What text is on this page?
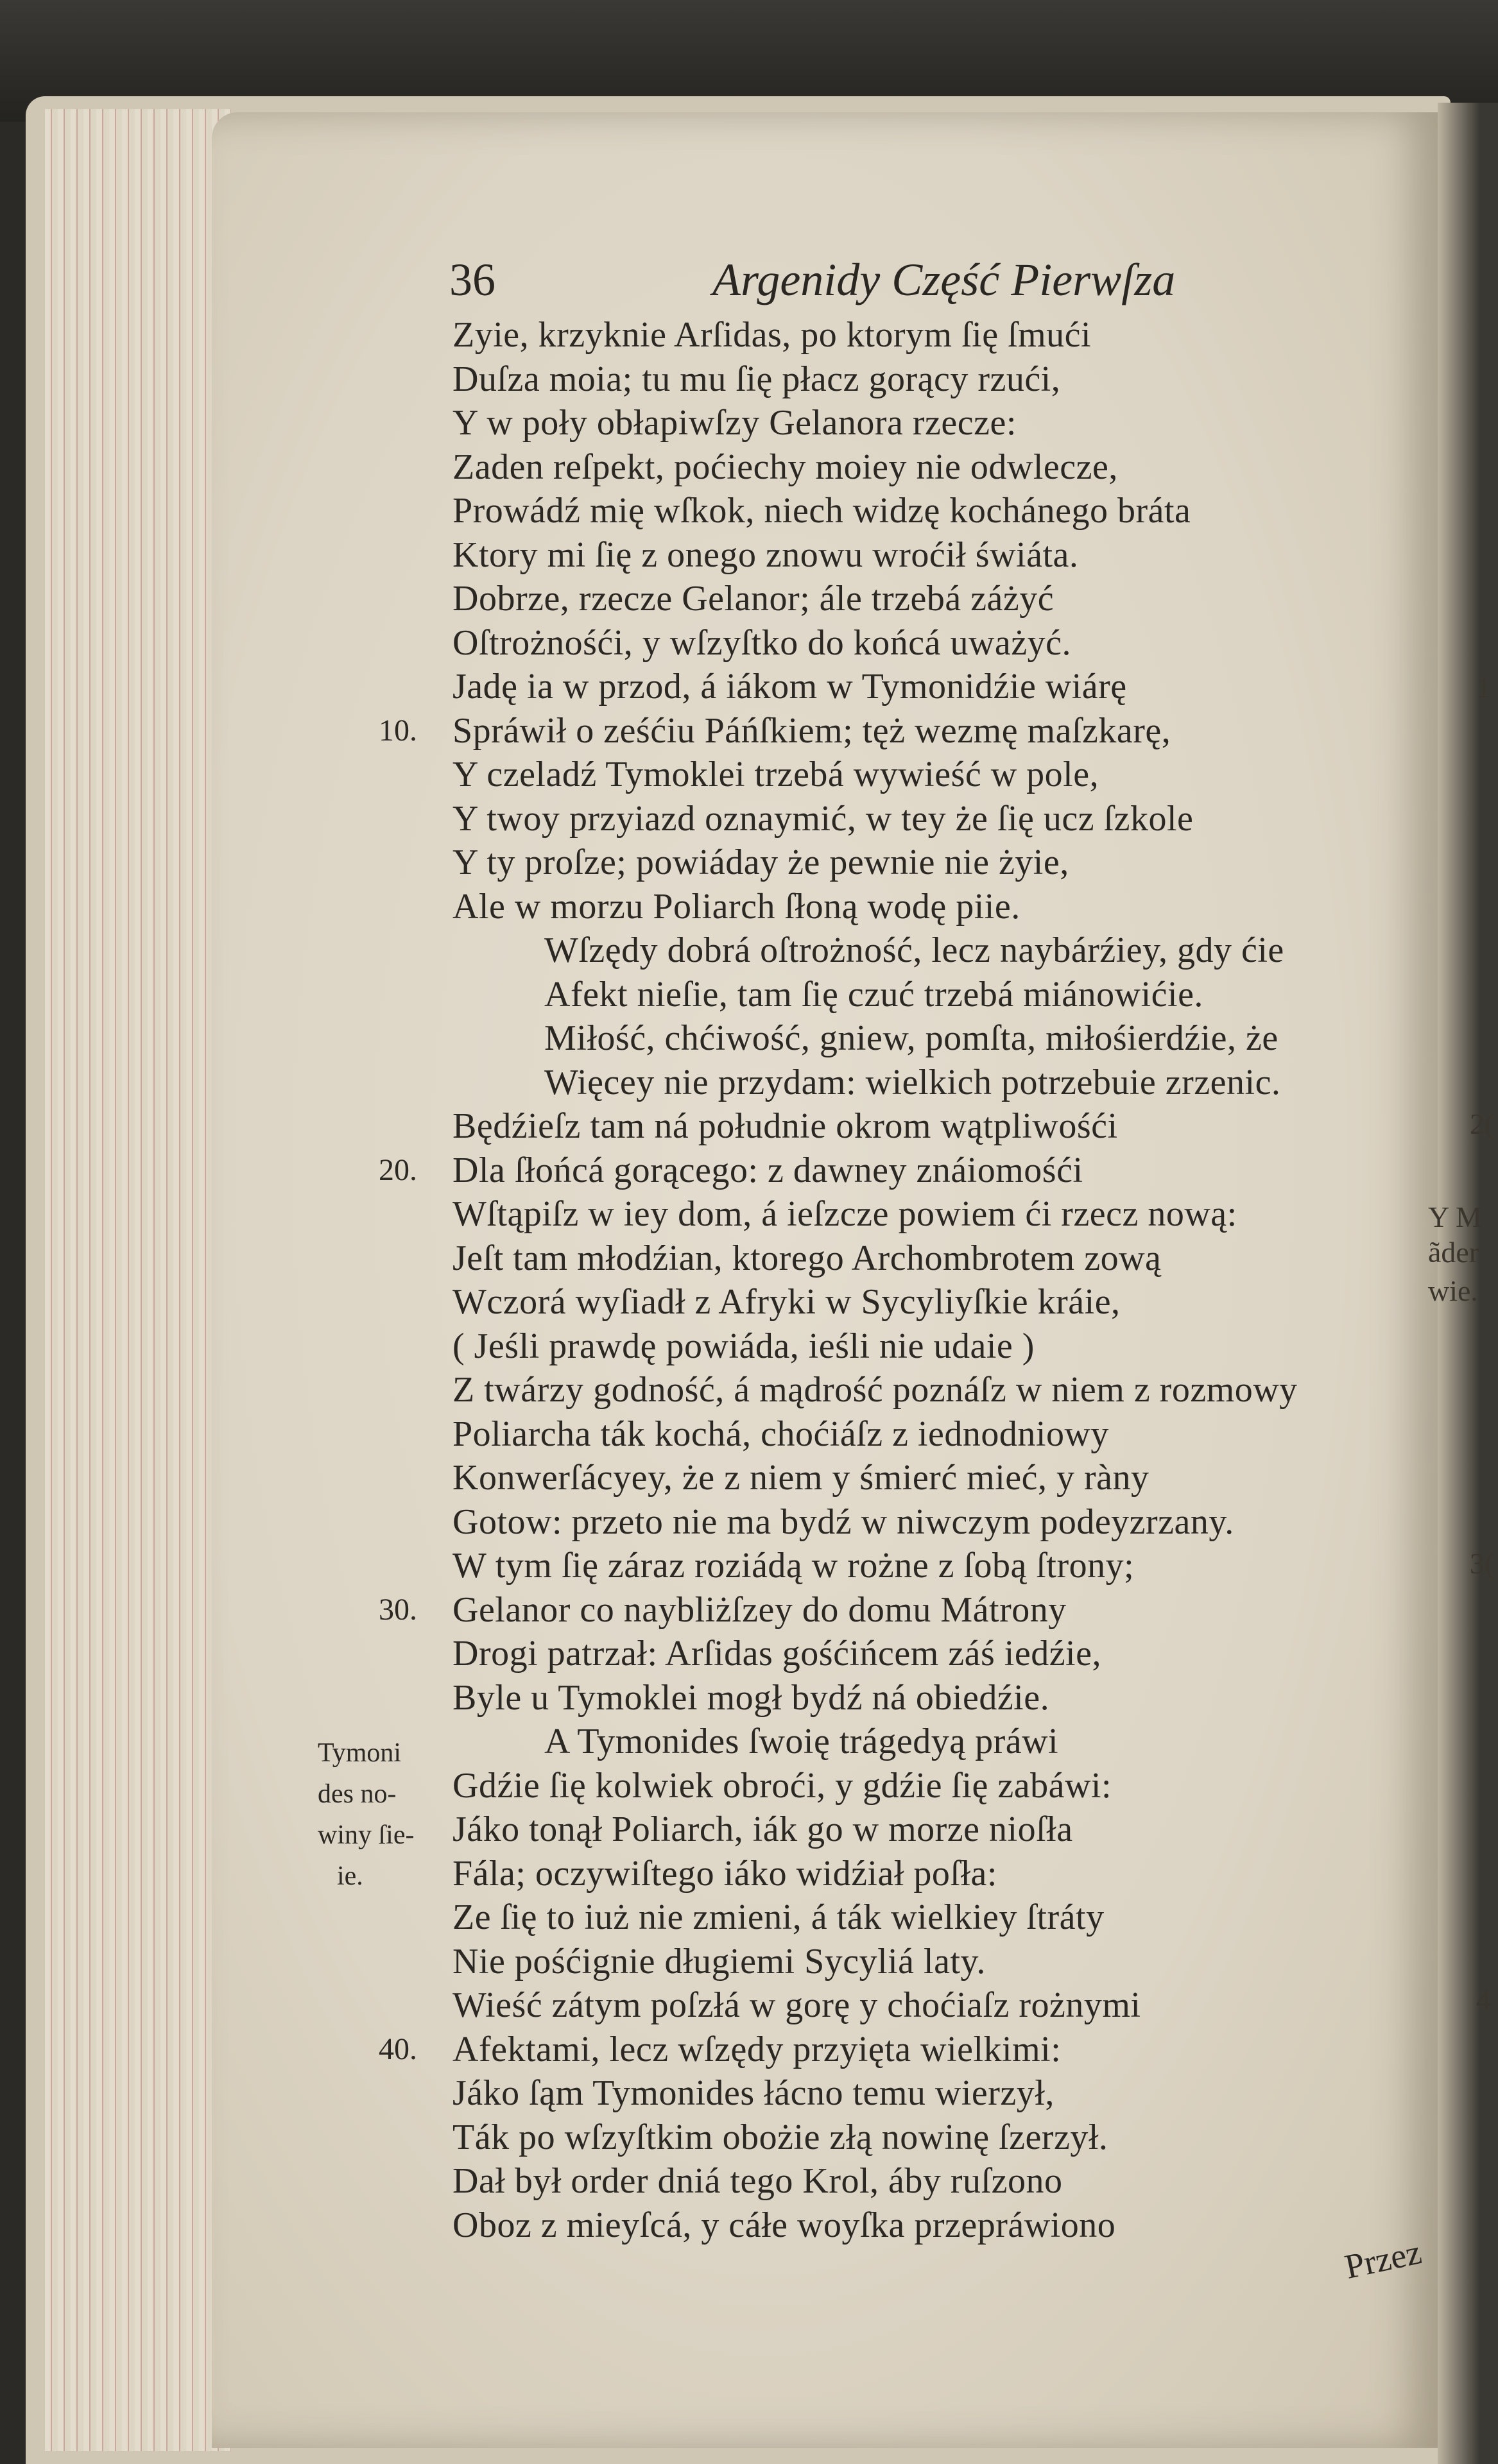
36	Argenidy Część Pierwſza
Zyie, krzyknie Arſidas, po ktorym ſię ſmući
Duſza moia; tu mu ſię płacz gorący rzući,
Y w poły obłapiwſzy Gelanora rzecze:
Zaden reſpekt, poćiechy moiey nie odwlecze,
Prowádź mię wſkok, niech widzę kochánego bráta
Ktory mi ſię z onego znowu wroćił świáta.
Dobrze, rzecze Gelanor; ále trzebá záżyć
Oſtrożnośći, y wſzyſtko do końcá uważyć.
Jadę ia w przod, á iákom w Tymonidźie wiárę
Spráwił o ześćiu Páńſkiem; tęż wezmę maſzkarę,
10.
Y czeladź Tymoklei trzebá wywieść w pole,
Y twoy przyiazd oznaymić, w tey że ſię ucz ſzkole
Y ty proſze; powiáday że pewnie nie żyie,
Ale w morzu Poliarch ſłoną wodę piie.
Wſzędy dobrá oſtrożność, lecz naybárźiey, gdy ćie
Afekt nieſie, tam ſię czuć trzebá miánowićie.
Miłość, chćiwość, gniew, pomſta, miłośierdźie, że
Więcey nie przydam: wielkich potrzebuie zrzenic.
Będźieſz tam ná południe okrom wątpliwośći
Dla ſłońcá gorącego: z dawney znáiomośći
20.
Wſtąpiſz w iey dom, á ieſzcze powiem ći rzecz nową:
Jeſt tam młodźian, ktorego Archombrotem zową
Wczorá wyſiadł z Afryki w Sycyliyſkie kráie,
( Jeśli prawdę powiáda, ieśli nie udaie )
Z twárzy godność, á mądrość poznáſz w niem z rozmowy
Poliarcha ták kochá, choćiáſz z iednodniowy
Konwerſácyey, że z niem y śmierć mieć, y ràny
Gotow: przeto nie ma bydź w niwczym podeyzrzany.
W tym ſię záraz roziádą w rożne z ſobą ſtrony;
Gelanor co naybliżſzey do domu Mátrony
30.
Drogi patrzał: Arſidas gośćińcem záś iedźie,
Byle u Tymoklei mogł bydź ná obiedźie.
A Tymonides ſwoię trágedyą práwi
Gdźie ſię kolwiek obroći, y gdźie ſię zabáwi:
Jáko tonął Poliarch, iák go w morze nioſła
Fála; oczywiſtego iáko widźiał poſła:
Ze ſię to iuż nie zmieni, á ták wielkiey ſtráty
Nie pośćignie długiemi Sycyliá laty.
Wieść zátym poſzłá w gorę y choćiaſz rożnymi
Afektami, lecz wſzędy przyięta wielkimi:
40.
Jáko ſąm Tymonides łácno temu wierzył,
Ták po wſzyſtkim obożie złą nowinę ſzerzył.
Dał był order dniá tego Krol, áby ruſzono
Oboz z mieyſcá, y cáłe woyſka przepráwiono
Tymoni
des no-
winy ſie-
ie.
1
2(
Y M
ãder
wie.
3(
4
Przez
